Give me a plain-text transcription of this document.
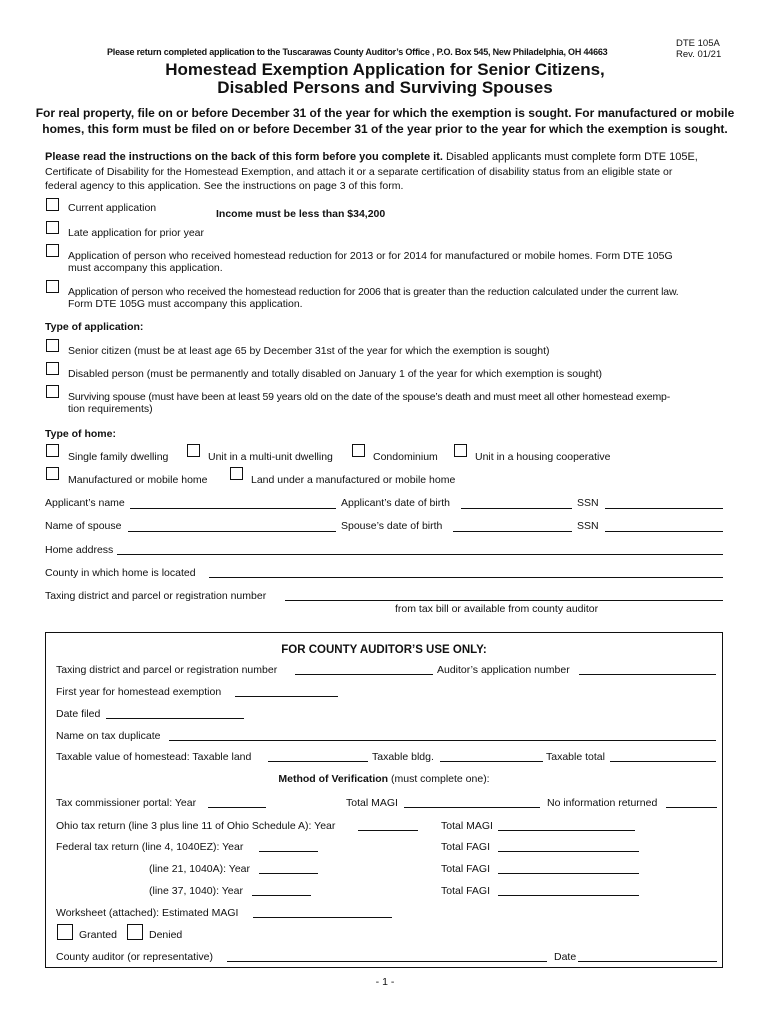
DTE 105A
Rev. 01/21
Please return completed application to the Tuscarawas County Auditor’s Office , P.O. Box 545, New Philadelphia, OH 44663
Homestead Exemption Application for Senior Citizens,
Disabled Persons and Surviving Spouses
For real property, file on or before December 31 of the year for which the exemption is sought. For manufactured or mobile
homes, this form must be filed on or before December 31 of the year prior to the year for which the exemption is sought.
Please read the instructions on the back of this form before you complete it. Disabled applicants must complete form DTE 105E,
Certificate of Disability for the Homestead Exemption, and attach it or a separate certification of disability status from an eligible state or
federal agency to this application. See the instructions on page 3 of this form.
Current application	Income must be less than $34,200
Late application for prior year
Application of person who received homestead reduction for 2013 or for 2014 for manufactured or mobile homes. Form DTE 105G
must accompany this application.
Application of person who received the homestead reduction for 2006 that is greater than the reduction calculated under the current law.
Form DTE 105G must accompany this application.
Type of application:
Senior citizen (must be at least age 65 by December 31st of the year for which the exemption is sought)
Disabled person (must be permanently and totally disabled on January 1 of the year for which exemption is sought)
Surviving spouse (must have been at least 59 years old on the date of the spouse’s death and must meet all other homestead exemp-
tion requirements)
Type of home:
Single family dwelling	Unit in a multi-unit dwelling	Condominium	Unit in a housing cooperative
Manufactured or mobile home	Land under a manufactured or mobile home
Applicant’s name	Applicant’s date of birth	SSN
Name of spouse	Spouse’s date of birth	SSN
Home address
County in which home is located
Taxing district and parcel or registration number
from tax bill or available from county auditor
FOR COUNTY AUDITOR’S USE ONLY:
Taxing district and parcel or registration number	Auditor’s application number
First year for homestead exemption
Date filed
Name on tax duplicate
Taxable value of homestead: Taxable land	Taxable bldg.	Taxable total
Method of Verification (must complete one):
Tax commissioner portal: Year	Total MAGI	No information returned
Ohio tax return (line 3 plus line 11 of Ohio Schedule A): Year	Total MAGI
Federal tax return (line 4, 1040EZ): Year	Total FAGI
(line 21, 1040A): Year	Total FAGI
(line 37, 1040): Year	Total FAGI
Worksheet (attached): Estimated MAGI
Granted	Denied
County auditor (or representative)	Date
- 1 -
